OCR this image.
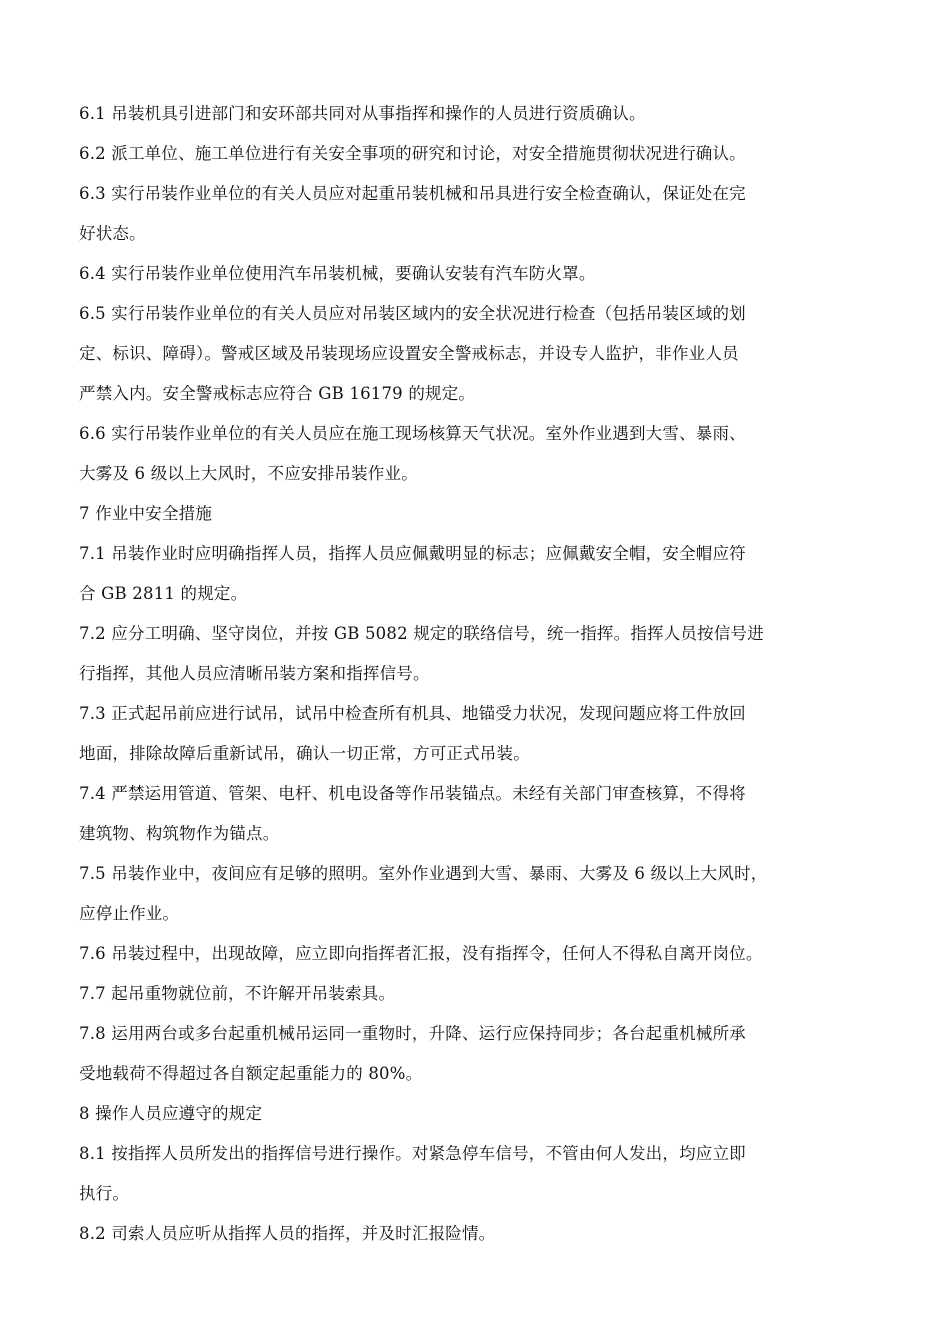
6.1 吊装机具引进部门和安环部共同对从事指挥和操作的人员进行资质确认。
6.2 派工单位、施工单位进行有关安全事项的研究和讨论，对安全措施贯彻状况进行确认。
6.3 实行吊装作业单位的有关人员应对起重吊装机械和吊具进行安全检查确认，保证处在完
好状态。
6.4 实行吊装作业单位使用汽车吊装机械，要确认安装有汽车防火罩。
6.5 实行吊装作业单位的有关人员应对吊装区域内的安全状况进行检查（包括吊装区域的划
定、标识、障碍）。警戒区域及吊装现场应设置安全警戒标志，并设专人监护，非作业人员
严禁入内。安全警戒标志应符合 GB 16179 的规定。
6.6 实行吊装作业单位的有关人员应在施工现场核算天气状况。室外作业遇到大雪、暴雨、
大雾及 6 级以上大风时，不应安排吊装作业。
7 作业中安全措施
7.1 吊装作业时应明确指挥人员，指挥人员应佩戴明显的标志；应佩戴安全帽，安全帽应符
合 GB 2811 的规定。
7.2 应分工明确、坚守岗位，并按 GB 5082 规定的联络信号，统一指挥。指挥人员按信号进
行指挥，其他人员应清晰吊装方案和指挥信号。
7.3 正式起吊前应进行试吊，试吊中检查所有机具、地锚受力状况，发现问题应将工件放回
地面，排除故障后重新试吊，确认一切正常，方可正式吊装。
7.4 严禁运用管道、管架、电杆、机电设备等作吊装锚点。未经有关部门审查核算，不得将
建筑物、构筑物作为锚点。
7.5 吊装作业中，夜间应有足够的照明。室外作业遇到大雪、暴雨、大雾及 6 级以上大风时，
应停止作业。
7.6 吊装过程中，出现故障，应立即向指挥者汇报，没有指挥令，任何人不得私自离开岗位。
7.7 起吊重物就位前，不许解开吊装索具。
7.8 运用两台或多台起重机械吊运同一重物时，升降、运行应保持同步；各台起重机械所承
受地载荷不得超过各自额定起重能力的 80%。
8 操作人员应遵守的规定
8.1 按指挥人员所发出的指挥信号进行操作。对紧急停车信号，不管由何人发出，均应立即
执行。
8.2 司索人员应听从指挥人员的指挥，并及时汇报险情。
